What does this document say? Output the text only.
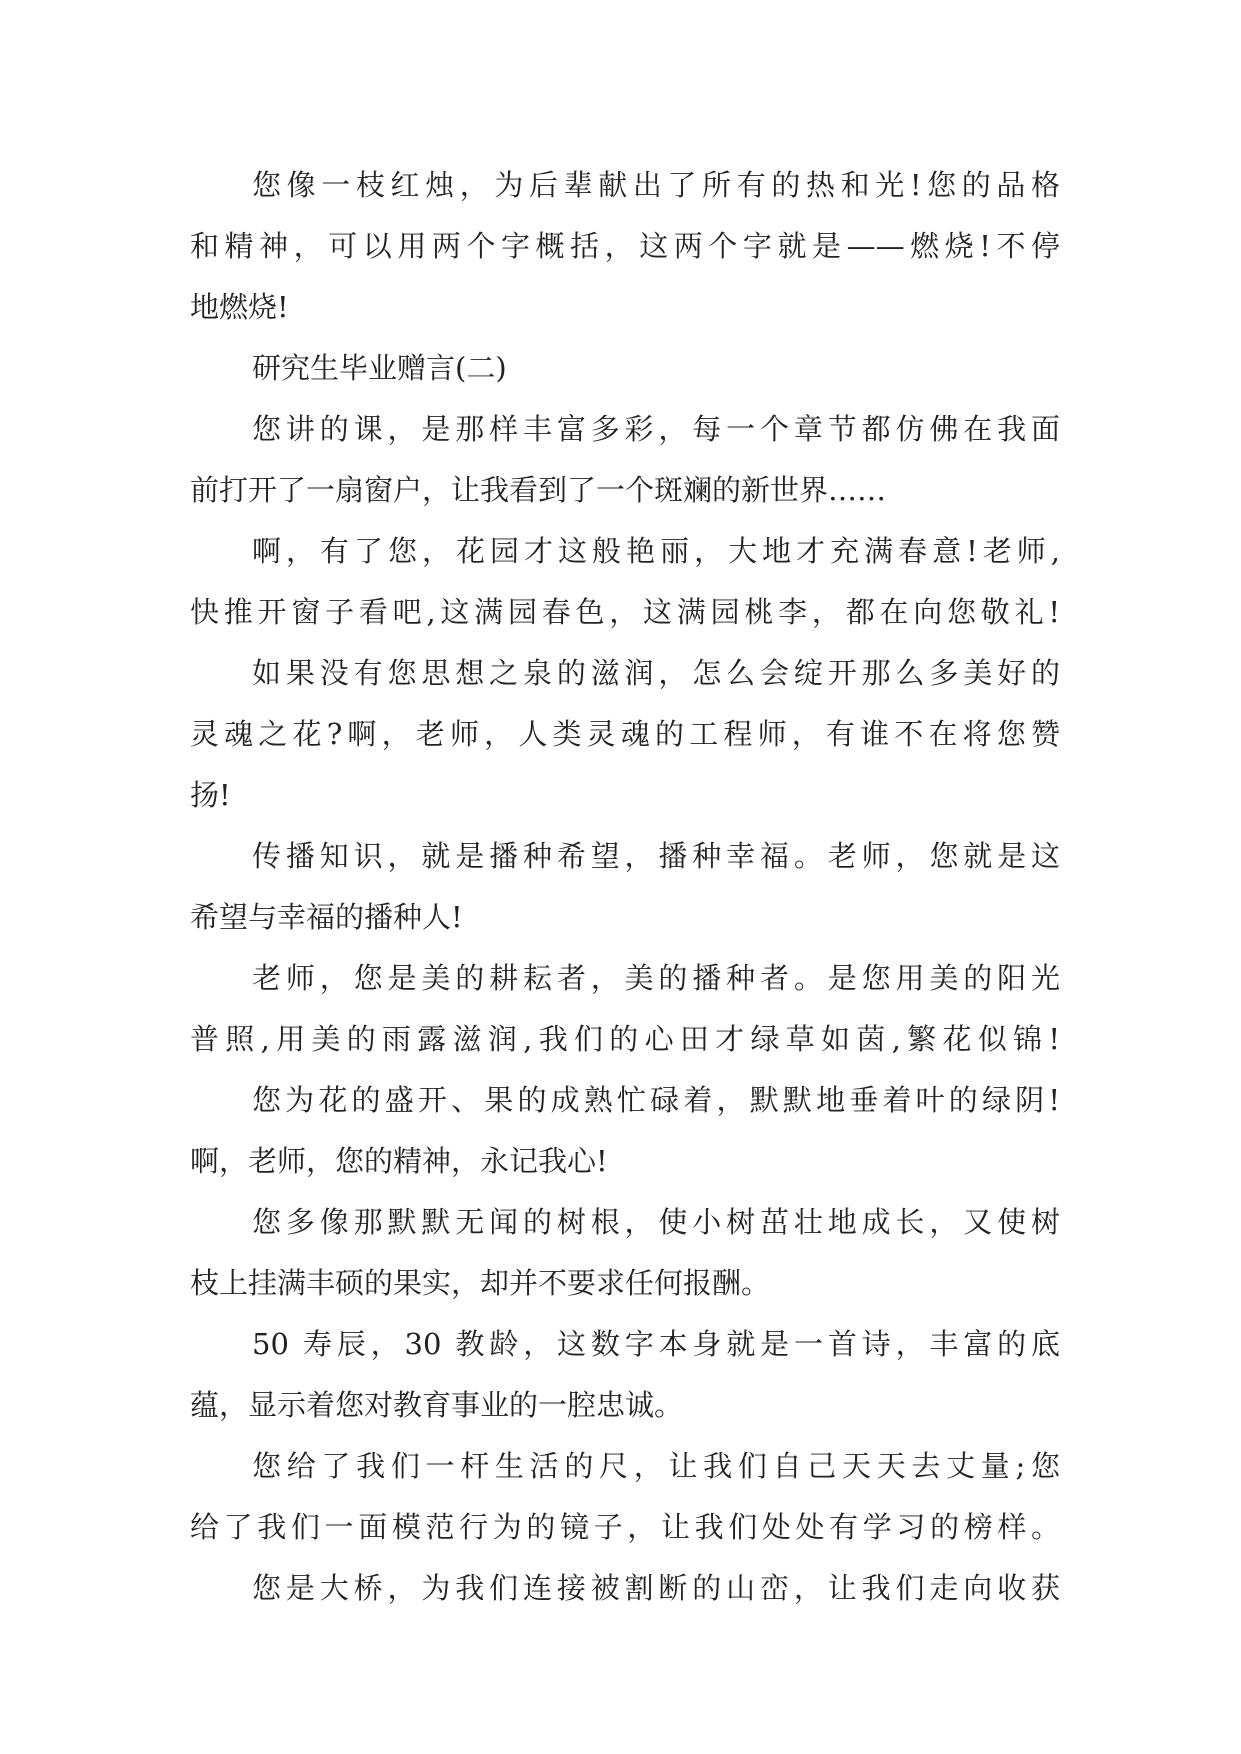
您像一枝红烛，为后辈献出了所有的热和光!您的品格
和精神，可以用两个字概括，这两个字就是——燃烧!不停
地燃烧!
研究生毕业赠言(二)
您讲的课，是那样丰富多彩，每一个章节都仿佛在我面
前打开了一扇窗户，让我看到了一个斑斓的新世界……
啊，有了您，花园才这般艳丽，大地才充满春意!老师,
快推开窗子看吧,这满园春色，这满园桃李，都在向您敬礼!
如果没有您思想之泉的滋润，怎么会绽开那么多美好的
灵魂之花?啊，老师，人类灵魂的工程师，有谁不在将您赞
扬!
传播知识，就是播种希望，播种幸福。老师，您就是这
希望与幸福的播种人!
老师，您是美的耕耘者，美的播种者。是您用美的阳光
普照,用美的雨露滋润,我们的心田才绿草如茵,繁花似锦!
您为花的盛开、果的成熟忙碌着，默默地垂着叶的绿阴!
啊，老师，您的精神，永记我心!
您多像那默默无闻的树根，使小树茁壮地成长，又使树
枝上挂满丰硕的果实，却并不要求任何报酬。
50 寿辰，30 教龄，这数字本身就是一首诗，丰富的底
蕴，显示着您对教育事业的一腔忠诚。
您给了我们一杆生活的尺，让我们自己天天去丈量;您
给了我们一面模范行为的镜子，让我们处处有学习的榜样。
您是大桥，为我们连接被割断的山峦，让我们走向收获
